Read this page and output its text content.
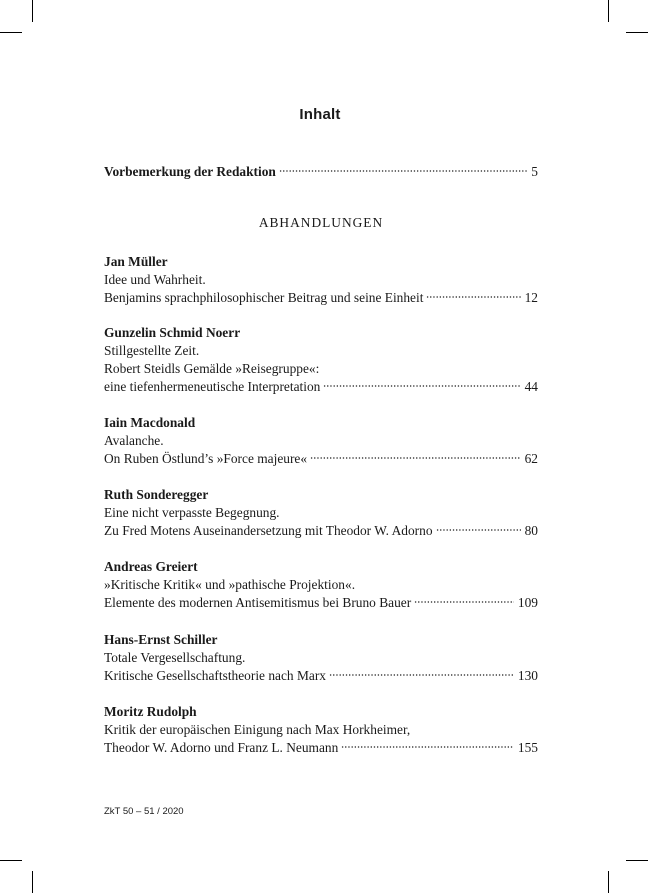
Inhalt
Vorbemerkung der Redaktion	5
ABHANDLUNGEN
Jan Müller
Idee und Wahrheit.
Benjamins sprachphilosophischer Beitrag und seine Einheit	12
Gunzelin Schmid Noerr
Stillgestellte Zeit.
Robert Steidls Gemälde »Reisegruppe«:
eine tiefenhermeneutische Interpretation	44
Iain Macdonald
Avalanche.
On Ruben Östlund’s »Force majeure«	62
Ruth Sonderegger
Eine nicht verpasste Begegnung.
Zu Fred Motens Auseinandersetzung mit Theodor W. Adorno	80
Andreas Greiert
»Kritische Kritik« und »pathische Projektion«.
Elemente des modernen Antisemitismus bei Bruno Bauer	109
Hans-Ernst Schiller
Totale Vergesellschaftung.
Kritische Gesellschaftstheorie nach Marx	130
Moritz Rudolph
Kritik der europäischen Einigung nach Max Horkheimer,
Theodor W. Adorno und Franz L. Neumann	155
ZkT 50 – 51 / 2020
